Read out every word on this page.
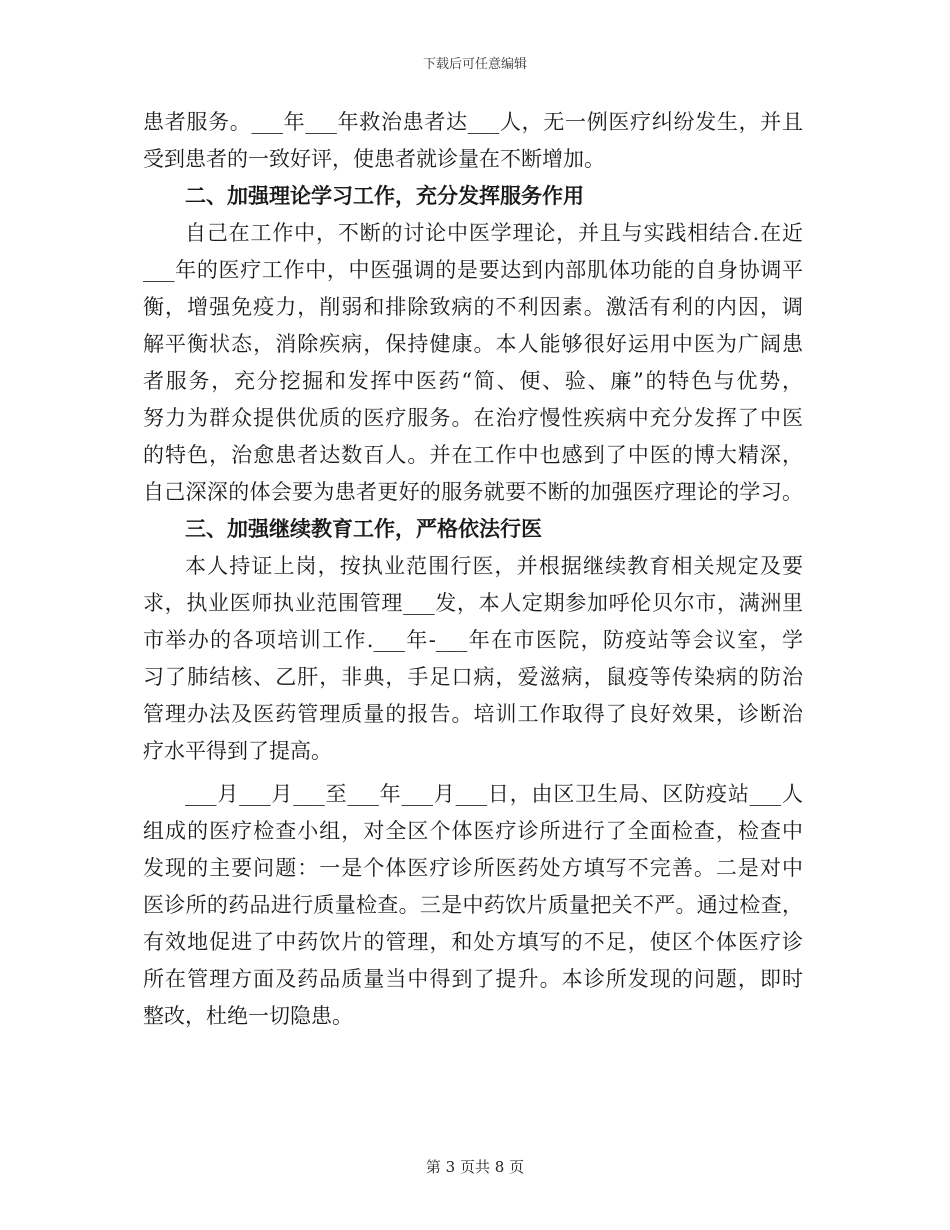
下载后可任意编辑
患者服务。___年___年救治患者达___人，无一例医疗纠纷发生，并且
受到患者的一致好评，使患者就诊量在不断增加。
二、加强理论学习工作，充分发挥服务作用
自己在工作中，不断的讨论中医学理论，并且与实践相结合.在近
___年的医疗工作中，中医强调的是要达到内部肌体功能的自身协调平
衡，增强免疫力，削弱和排除致病的不利因素。激活有利的内因，调
解平衡状态，消除疾病，保持健康。本人能够很好运用中医为广阔患
者服务，充分挖掘和发挥中医药“简、便、验、廉”的特色与优势，
努力为群众提供优质的医疗服务。在治疗慢性疾病中充分发挥了中医
的特色，治愈患者达数百人。并在工作中也感到了中医的博大精深，
自己深深的体会要为患者更好的服务就要不断的加强医疗理论的学习。
三、加强继续教育工作，严格依法行医
本人持证上岗，按执业范围行医，并根据继续教育相关规定及要
求，执业医师执业范围管理___发，本人定期参加呼伦贝尔市，满洲里
市举办的各项培训工作.___年-___年在市医院，防疫站等会议室，学
习了肺结核、乙肝，非典，手足口病，爱滋病，鼠疫等传染病的防治
管理办法及医药管理质量的报告。培训工作取得了良好效果，诊断治
疗水平得到了提高。
___月___月___至___年___月___日，由区卫生局、区防疫站___人
组成的医疗检查小组，对全区个体医疗诊所进行了全面检查，检查中
发现的主要问题：一是个体医疗诊所医药处方填写不完善。二是对中
医诊所的药品进行质量检查。三是中药饮片质量把关不严。通过检查，
有效地促进了中药饮片的管理，和处方填写的不足，使区个体医疗诊
所在管理方面及药品质量当中得到了提升。本诊所发现的问题，即时
整改，杜绝一切隐患。
第 3 页共 8 页
